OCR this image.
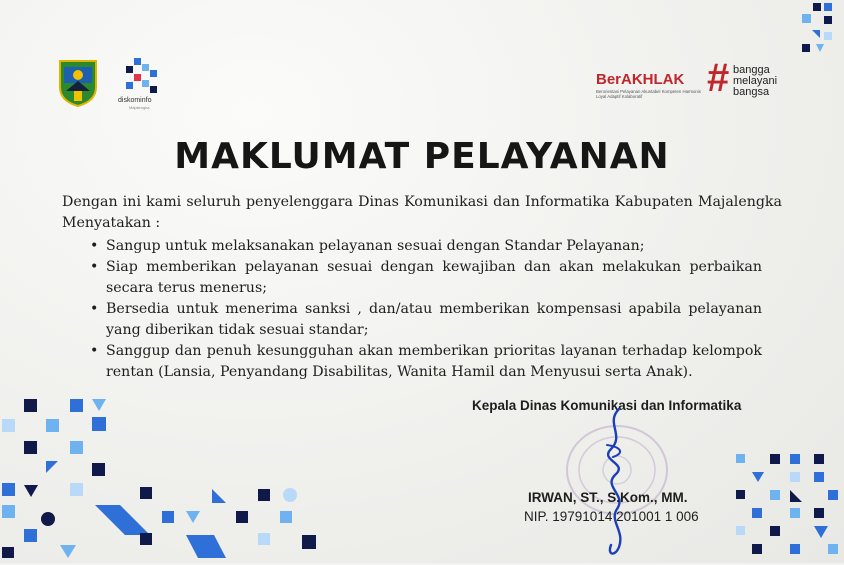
diskominfo
Majalengka
BerAKHLAK
Berorientasi Pelayanan Akuntabel Kompeten Harmonis Loyal Adaptif Kolaboratif	# bangga
melayani
bangsa
MAKLUMAT PELAYANAN
Dengan ini kami seluruh penyelenggara Dinas Komunikasi dan Informatika Kabupaten Majalengka Menyatakan :
• Sangup untuk melaksanakan pelayanan sesuai dengan Standar Pelayanan;
• Siap memberikan pelayanan sesuai dengan kewajiban dan akan melakukan perbaikan secara terus menerus;
• Bersedia untuk menerima sanksi , dan/atau memberikan kompensasi apabila pelayanan yang diberikan tidak sesuai standar;
• Sanggup dan penuh kesungguhan akan memberikan prioritas layanan terhadap kelompok rentan (Lansia, Penyandang Disabilitas, Wanita Hamil dan Menyusui serta Anak).
Kepala Dinas Komunikasi dan Informatika
IRWAN, ST., S.Kom., MM.
NIP. 19791014 201001 1 006
